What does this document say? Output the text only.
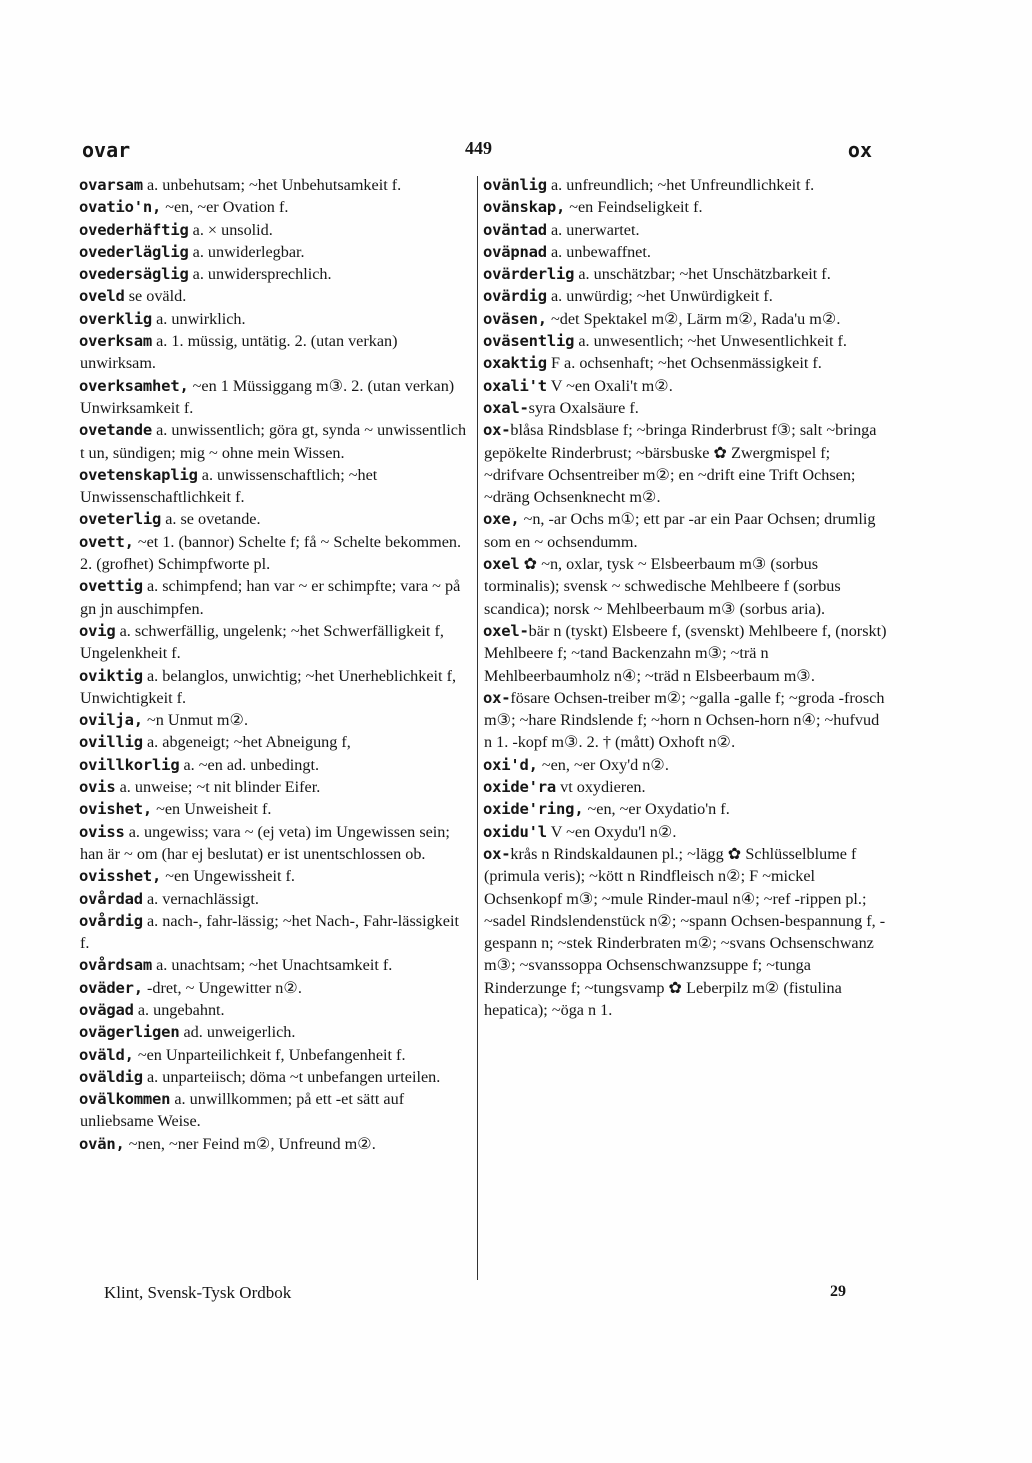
ovar	449	ox

ovarsam a. unbehutsam; ~het Unbehutsamkeit f.

ovatio'n, ~en, ~er Ovation f.

ovederhäftig a. × unsolid.

ovederläglig a. unwiderlegbar.

ovedersäglig a. unwidersprechlich.

oveld se oväld.

overklig a. unwirklich.

overksam a. 1. müssig, untätig. 2. (utan verkan) unwirksam.

overksamhet, ~en 1 Müssiggang m③. 2. (utan verkan) Unwirksamkeit f.

ovetande a. unwissentlich; göra gt, synda ~ unwissentlich t un, sündigen; mig ~ ohne mein Wissen.

ovetenskaplig a. unwissenschaftlich; ~het Unwissenschaftlichkeit f.

oveterlig a. se ovetande.

ovett, ~et 1. (bannor) Schelte f; få ~ Schelte bekommen. 2. (grofhet) Schimpfworte pl.

ovettig a. schimpfend; han var ~ er schimpfte; vara ~ på gn jn auschimpfen.

ovig a. schwerfällig, ungelenk; ~het Schwerfälligkeit f, Ungelenkheit f.

oviktig a. belanglos, unwichtig; ~het Unerheblichkeit f, Unwichtigkeit f.

ovilja, ~n Unmut m②.

ovillig a. abgeneigt; ~het Abneigung f,

ovillkorlig a. ~en ad. unbedingt.

ovis a. unweise; ~t nit blinder Eifer.

ovishet, ~en Unweisheit f.

oviss a. ungewiss; vara ~ (ej veta) im Ungewissen sein; han är ~ om (har ej beslutat) er ist unentschlossen ob.

ovisshet, ~en Ungewissheit f.

ovårdad a. vernachlässigt.

ovårdig a. nach-, fahr-lässig; ~het Nach-, Fahr-lässigkeit f.

ovårdsam a. unachtsam; ~het Unachtsamkeit f.

oväder, -dret, ~ Ungewitter n②.

ovägad a. ungebahnt.

ovägerligen ad. unweigerlich.

oväld, ~en Unparteilichkeit f, Unbefangenheit f.

oväldig a. unparteiisch; döma ~t unbefangen urteilen.

ovälkommen a. unwillkommen; på ett -et sätt auf unliebsame Weise.

ovän, ~nen, ~ner Feind m②, Unfreund m②.

ovänlig a. unfreundlich; ~het Unfreundlichkeit f.

ovänskap, ~en Feindseligkeit f.

oväntad a. unerwartet.

oväpnad a. unbewaffnet.

ovärderlig a. unschätzbar; ~het Unschätzbarkeit f.

ovärdig a. unwürdig; ~het Unwürdigkeit f.

oväsen, ~det Spektakel m②, Lärm m②, Rada'u m②.

oväsentlig a. unwesentlich; ~het Unwesentlichkeit f.

oxaktig F a. ochsenhaft; ~het Ochsenmässigkeit f.

oxali't V ~en Oxali't m②.

oxal-syra Oxalsäure f.

ox-blåsa Rindsblase f; ~bringa Rinderbrust f③; salt ~bringa gepökelte Rinderbrust; ~bärsbuske ✿ Zwergmispel f; ~drifvare Ochsentreiber m②; en ~drift eine Trift Ochsen; ~dräng Ochsenknecht m②.

oxe, ~n, -ar Ochs m①; ett par -ar ein Paar Ochsen; drumlig som en ~ ochsendumm.

oxel ✿ ~n, oxlar, tysk ~ Elsbeerbaum m③ (sorbus torminalis); svensk ~ schwedische Mehlbeere f (sorbus scandica); norsk ~ Mehlbeerbaum m③ (sorbus aria).

oxel-bär n (tyskt) Elsbeere f, (svenskt) Mehlbeere f, (norskt) Mehlbeere f; ~tand Backenzahn m③; ~trä n Mehlbeerbaumholz n④; ~träd n Elsbeerbaum m③.

ox-fösare Ochsen-treiber m②; ~galla -galle f; ~groda -frosch m③; ~hare Rindslende f; ~horn n Ochsen-horn n④; ~hufvud n 1. -kopf m③. 2. † (mått) Oxhoft n②.

oxi'd, ~en, ~er Oxy'd n②.

oxide'ra vt oxydieren.

oxide'ring, ~en, ~er Oxydatio'n f.

oxidu'l V ~en Oxydu'l n②.

ox-krås n Rindskaldaunen pl.; ~lägg ✿ Schlüsselblume f (primula veris); ~kött n Rindfleisch n②; F ~mickel Ochsenkopf m③; ~mule Rinder-maul n④; ~ref -rippen pl.; ~sadel Rindslendenstück n②; ~spann Ochsen-bespannung f, -gespann n; ~stek Rinderbraten m②; ~svans Ochsenschwanz m③; ~svanssoppa Ochsenschwanzsuppe f; ~tunga Rinderzunge f; ~tungsvamp ✿ Leberpilz m② (fistulina hepatica); ~öga n 1.

Klint, Svensk-Tysk Ordbok	29
